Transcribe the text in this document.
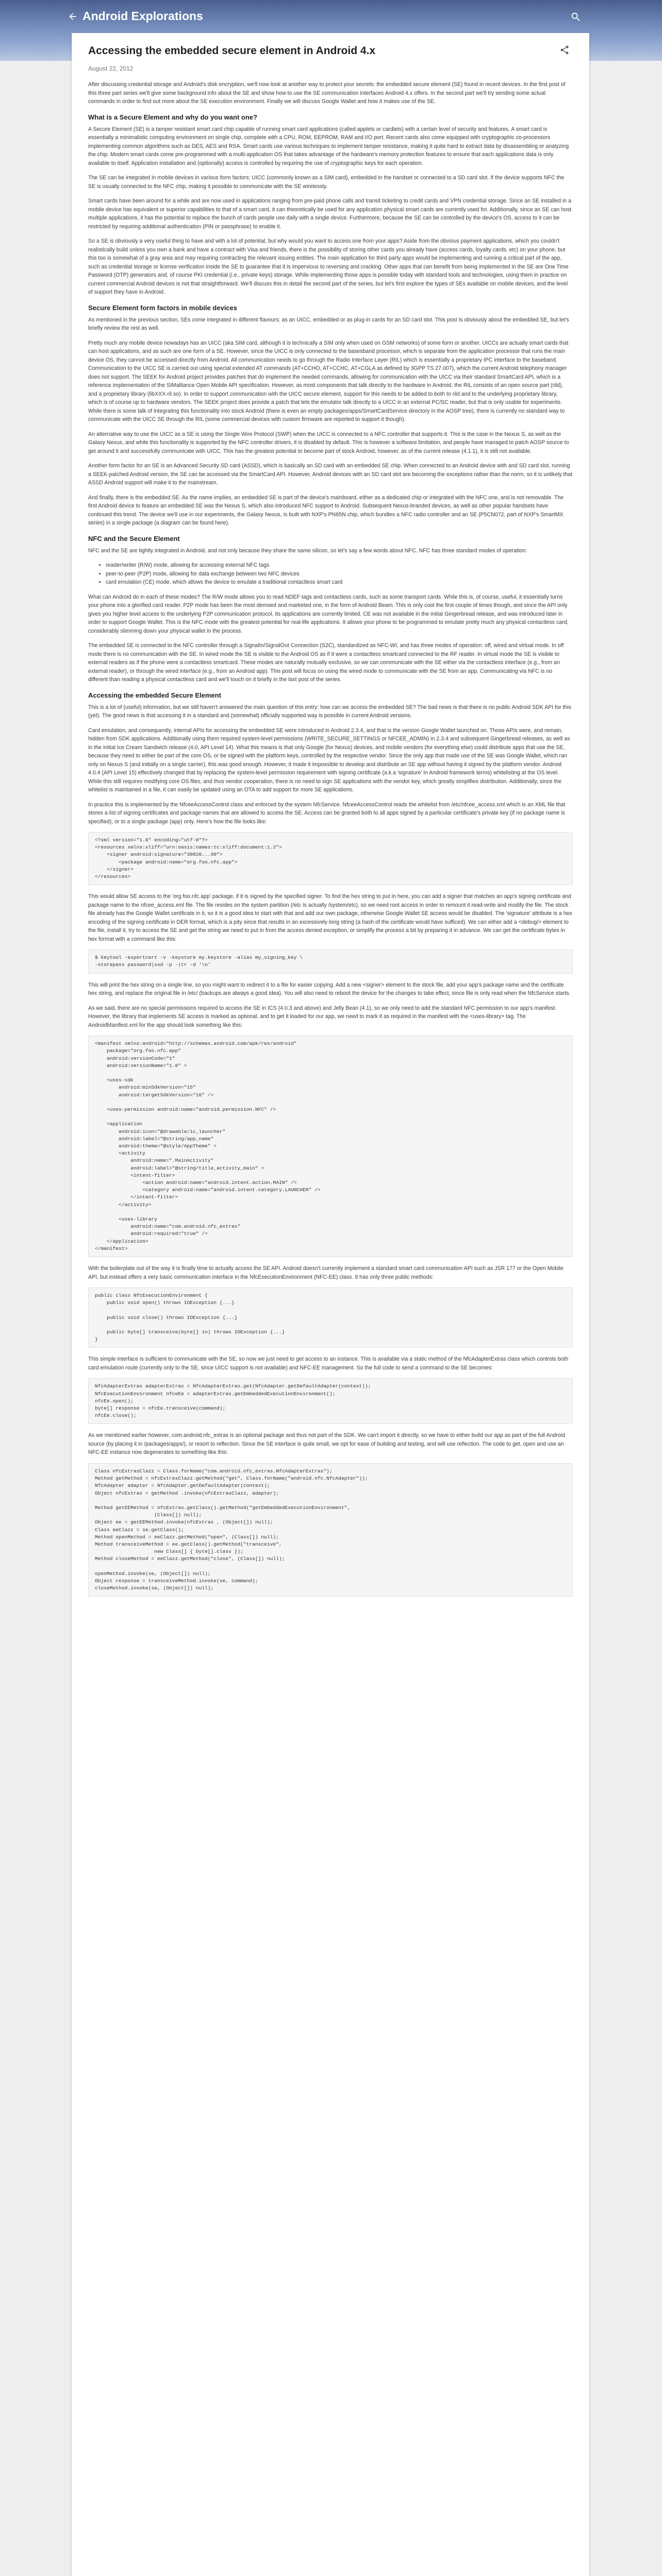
Android Explorations
Accessing the embedded secure element in Android 4.x
August 22, 2012

After discussing credential storage and Android's disk encryption, we'll now look at another way to protect your secrets: the embedded secure element (SE) found in recent devices. In the first post of this three part series we'll give some background info about the SE and show how to use the SE communication interfaces Android 4.x offers. In the second part we'll try sending some actual commands in order to find out more about the SE execution environment. Finally we will discuss Google Wallet and how it makes use of the SE.

What is a Secure Element and why do you want one?

A Secure Element (SE) is a tamper resistant smart card chip capable of running smart card applications (called applets or cardlets) with a certain level of security and features. A smart card is essentially a minimalistic computing environment on single chip, complete with a CPU, ROM, EEPROM, RAM and I/O port. Recent cards also come equipped with cryptographic co-processors implementing common algorithms such as DES, AES and RSA. Smart cards use various techniques to implement tamper resistance, making it quite hard to extract data by disassembling or analyzing the chip. Modern smart cards come pre-programmed with a multi-application OS that takes advantage of the hardware's memory protection features to ensure that each applications data is only available to itself. Application installation and (optionally) access is controlled by requiring the use of cryptographic keys for each operation.

The SE can be integrated in mobile devices in various form factors: UICC (commonly known as a SIM card), embedded in the handset or connected to a SD card slot. If the device supports NFC the SE is usually connected to the NFC chip, making it possible to communicate with the SE wirelessly.

Smart cards have been around for a while and are now used in applications ranging from pre-paid phone calls and transit ticketing to credit cards and VPN credential storage. Since an SE installed in a mobile device has equivalent or superior capabilities to that of a smart card, it can theoretically be used for any application physical smart cards are currently used for. Additionally, since an SE can host multiple applications, it has the potential to replace the bunch of cards people use daily with a single device. Furthermore, because the SE can be controlled by the device's OS, access to it can be restricted by requiring additional authentication (PIN or passphrase) to enable it.

So a SE is obviously a very useful thing to have and with a lot of potential, but why would you want to access one from your apps? Aside from the obvious payment applications, which you couldn't realistically build unless you own a bank and have a contract with Visa and friends, there is the possibility of storing other cards you already have (access cards, loyalty cards, etc) on your phone, but this too is somewhat of a gray area and may requiring contracting the relevant issuing entities. The main application for third party apps would be implementing and running a critical part of the app, such as credential storage or license verification inside the SE to guarantee that it is impervious to reversing and cracking. Other apps that can benefit from being implemented in the SE are One Time Password (OTP) generators and, of course PKI credential (i.e., private keys) storage. While implementing those apps is possible today with standard tools and technologies, using them in practice on current commercial Android devices is not that straightforward. We'll discuss this in detail the second part of the series, but let's first explore the types of SEs available on mobile devices, and the level of support they have in Android.

Secure Element form factors in mobile devices

As mentioned in the previous section, SEs come integrated in different flavours: as an UICC, embedded or as plug-in cards for an SD card slot. This post is obviously about the embedded SE, but let's briefly review the rest as well.

Pretty much any mobile device nowadays has an UICC (aka SIM card, although it is technically a SIM only when used on GSM networks) of some form or another. UICCs are actually smart cards that can host applications, and as such are one form of a SE. However, since the UICC is only connected to the basesband processor, which is separate from the application processor that runs the main device OS, they cannot be accessed directly from Android. All communication needs to go through the Radio Interface Layer (RIL) which is essentially a proprietary IPC interface to the baseband. Communication to the UICC SE is carried out using special extended AT commands (AT+CCHO, AT+CCHC, AT+CGLA as defined by 3GPP TS 27.007), which the current Android telephony manager does not support. The SEEK for Android project provides patches that do implement the needed commands, allowing for communication with the UICC via their standard SmartCard API, which is a reference implementation of the SIMalliance Open Mobile API specification. However, as most components that talk directly to the hardware in Android, the RIL consists of an open source part (rild), and a proprietary library (libXXX-ril.so). In order to support communication with the UICC secure element, support for this needs to be added to both to rild and to the underlying proprietary library, which is of course up to hardware vendors. The SEEK project does provide a patch that lets the emulator talk directly to a UICC in an external PC/SC reader, but that is only usable for experiments. While there is some talk of integrating this functionality into stock Android (there is even an empty packages/apps/SmartCardService directory in the AOSP tree), there is currently no standard way to communicate with the UICC SE through the RIL (some commercial devices with custom firmware are reported to support it though).

An alternative way to use the UICC as a SE is using the Single Wire Protocol (SWP) when the UICC is connected to a NFC controller that supports it. This is the case in the Nexus S, as well as the Galaxy Nexus, and while this functionality is supported by the NFC controller drivers, it is disabled by default. This is however a software limitation, and people have managed to patch AOSP source to get around it and successfully communicate with UICC. This has the greatest potential to become part of stock Android, however, as of the current release (4.1.1), it is still not available.

Another form factor for an SE is an Advanced Security SD card (ASSD), which is basically an SD card with an embedded SE chip. When connected to an Android device with and SD card slot, running a SEEK-patched Android version, the SE can be accessed via the SmartCard API. However, Android devices with an SD card slot are becoming the exceptions rather than the norm, so it is unlikely that ASSD Android support will make it to the mainstream.

And finally, there is the embedded SE. As the name implies, an embedded SE is part of the device's mainboard, either as a dedicated chip or integrated with the NFC one, and is not removable. The first Android device to feature an embedded SE was the Nexus S, which also introduced NFC support to Android. Subsequent Nexus-branded devices, as well as other popular handsets have continued this trend. The device we'll use in our experiments, the Galaxy Nexus, is built with NXP's PN65N chip, which bundles a NFC radio controller and an SE (P5CN072, part of NXP's SmartMX series) in a single package (a diagram can be found here).

NFC and the Secure Element

NFC and the SE are tightly integrated in Android, and not only because they share the same silicon, so let's say a few words about NFC. NFC has three standard modes of operation:

• reader/writer (R/W) mode, allowing for accessing external NFC tags
• peer-to-peer (P2P) mode, allowing for data exchange between two NFC devices
• card emulation (CE) mode, which allows the device to emulate a traditional contactless smart card

What can Android do in each of these modes? The R/W mode allows you to read NDEF tags and contactless cards, such as some transport cards. While this is, of course, useful, it essentially turns your phone into a glorified card reader. P2P mode has been the most demoed and marketed one, in the form of Android Beam. This is only cool the first couple of times though, and since the API only gives you higher level access to the underlying P2P communication protocol, its applications are currently limited. CE was not available in the initial Gingerbread release, and was introduced later in order to support Google Wallet. This is the NFC mode with the greatest potential for real-life applications. It allows your phone to be programmed to emulate pretty much any physical contactless card, considerably slimming down your physical wallet in the process.

The embedded SE is connected to the NFC controller through a SignalIn/SignalOut Connection (S2C), standardized as NFC-WI, and has three modes of operation: off, wired and virtual mode. In off mode there is no communication with the SE. In wired mode the SE is visible to the Android OS as if it were a contactless smartcard connected to the RF reader. In virtual mode the SE is visible to external readers as if the phone were a contactless smartcard. These modes are naturally mutually exclusive, so we can communicate with the SE either via the contactless interface (e.g., from an external reader), or through the wired interface (e.g., from an Android app). This post will focus on using the wired mode to communicate with the SE from an app. Communicating via NFC is no different than reading a physical contactless card and we'll touch on it briefly in the last post of the series.

Accessing the embedded Secure Element

This is a lot of (useful) information, but we still haven't answered the main question of this entry: how can we access the embedded SE? The bad news is that there is no public Android SDK API for this (yet). The good news is that accessing it in a standard and (somewhat) officially supported way is possible in current Android versions.

Card emulation, and consequently, internal APIs for accessing the embedded SE were introduced in Android 2.3.4, and that is the version Google Wallet launched on. Those APIs were, and remain, hidden from SDK applications. Additionally using them required system-level permissions (WRITE_SECURE_SETTINGS or NFCEE_ADMIN) in 2.3.4 and subsequent Gingerbread releases, as well as in the initial Ice Cream Sandwich release (4.0, API Level 14). What this means is that only Google (for Nexus) devices, and mobile vendors (for everything else) could distribute apps that use the SE, because they need to either be part of the core OS, or be signed with the platform keys, controlled by the respective vendor. Since the only app that made use of the SE was Google Wallet, which ran only on Nexus S (and initially on a single carrier), this was good enough. However, it made it impossible to develop and distribute an SE app without having it signed by the platform vendor. Android 4.0.4 (API Level 15) effectively changed that by replacing the system-level permission requirement with signing certificate (a.k.a 'signature' in Android framework terms) whitelisting at the OS level. While this still requires modifying core OS files, and thus vendor cooperation, there is no need to sign SE applications with the vendor key, which greatly simplifies distribution. Additionally, since the whitelist is maintained in a file, it can easily be updated using an OTA to add support for more SE applications.

In practice this is implemented by the NfceeAccessControl class and enforced by the system NfcService. NfceeAccessControl reads the whitelist from /etc/nfcee_access.xml which is an XML file that stores a list of signing certificates and package names that are allowed to access the SE. Access can be granted both to all apps signed by a particular certificate's private key (if no package name is specified), or to a single package (app) only. Here's how the file looks like:

<?xml version="1.0" encoding="utf-8"?>
<resources xmlns:xliff="urn:oasis:names:tc:xliff:document:1.2">
<signer android:signature="30820...90">
<package android:name="org.foo.nfc.app">
</signer>
</resources>

This would allow SE access to the 'org.foo.nfc.app' package, if it is signed by the specified signer. To find the hex string to put in here, you can add a signer that matches an app's signing certificate and package name to the nfcee_access.xml file. The file resides on the system partition (/etc is actually /system/etc), so we need root access in order to remount it read-write and modify the file. The stock file already has the Google Wallet certificate in it, so it is a good idea to start with that and add our own package, otherwise Google Wallet SE access would be disabled. The 'signature' attribute is a hex encoding of the signing certificate in DER format, which is a pity since that results in an excessively long string (a hash of the certificate would have sufficed). We can either add a <debug/> element to the file, install it, try to access the SE and get the string we need to put in from the access denied exception, or simplify the process a bit by preparing it in advance. We can get the certificate bytes in hex format with a command like this:

$ keytool -exportcert -v -keystore my.keystore -alias my_signing_key \
-storepass password|xxd -p -|tr -d '\n'

This will print the hex string on a single line, so you might want to redirect it to a file for easier copying. Add a new <signer> element to the stock file, add your app's package name and the certificate hex string, and replace the original file in /etc/ (backups are always a good idea). You will also need to reboot the device for the changes to take effect, since file is only read when the NfcService starts.

As we said, there are no special permissions required to access the SE in ICS (4.0.3 and above) and Jelly Bean (4.1), so we only need to add the standard NFC permission to our app's manifest. However, the library that implements SE access is marked as optional, and to get it loaded for our app, we need to mark it as required in the manifest with the <uses-library> tag. The AndroidManifest.xml for the app should look something like this:

<manifest xmlns:android="http://schemas.android.com/apk/res/android"
package="org.foo.nfc.app"
android:versionCode="1"
android:versionName="1.0" >

<uses-sdk
android:minSdkVersion="15"
android:targetSdkVersion="16" />

<uses-permission android:name="android.permission.NFC" />

<application
android:icon="@drawable/ic_launcher"
android:label="@string/app_name"
android:theme="@style/AppTheme" >
<activity
android:name=".MainActivity"
android:label="@string/title_activity_main" >
<intent-filter>
<action android:name="android.intent.action.MAIN" />
<category android:name="android.intent.category.LAUNCHER" />
</intent-filter>
</activity>

<uses-library
android:name="com.android.nfc_extras"
android:required="true" />
</application>
</manifest>

With the boilerplate out of the way it is finally time to actually access the SE API. Android doesn't currently implement a standard smart card communication API such as JSR 177 or the Open Mobile API, but instead offers a very basic communication interface in the NfcExecutionEnvironment (NFC-EE) class. It has only three public methods:

public class NfcExecutionEnvironment {
public void open() throws IOException {...}

public void close() throws IOException {...}

public byte[] transceive(byte[] in) throws IOException {...}
}

This simple interface is sufficient to communicate with the SE, so now we just need to get access to an instance. This is available via a static method of the NfcAdapterExtras class which controls both card emulation route (currently only to the SE, since UICC support is not available) and NFC-EE management. So the full code to send a command to the SE becomes:

NfcAdapterExtras adapterExtras = NfcAdapterExtras.get(NfcAdapter.getDefaultAdapter(context));
NfcExecutionEnvironment nfceEe = adapterExtras.getEmbeddedExecutionEnvironment();
nfcEe.open();
byte[] response = nfcEe.transceive(command);
nfcEe.close();

As we mentioned earlier however, com.android.nfc_extras is an optional package and thus not part of the SDK. We can't import it directly, so we have to either build our app as part of the full Android source (by placing it in /packages/apps/), or resort to reflection. Since the SE interface is quite small, we opt for ease of building and testing, and will use reflection. The code to get, open and use an NFC-EE instance now degenerates to something like this:

Class nfcExtrasClazz = Class.forName("com.android.nfc_extras.NfcAdapterExtras");
Method getMethod = nfcExtrasClazz.getMethod("get", Class.forName("android.nfc.NfcAdapter"));
NfcAdapter adapter = NfcAdapter.getDefaultAdapter(context);
Object nfcExtras = getMethod .invoke(nfcExtrasClazz, adapter);

Method getEEMethod = nfcExtras.getClass().getMethod("getEmbeddedExecutionEnvironment",
(Class[]) null);
Object ee = getEEMethod.invoke(nfcExtras , (Object[]) null);
Class eeClazz = se.getClass();
Method openMethod = eeClazz.getMethod("open", (Class[]) null);
Method transceiveMethod = ee.getClass().getMethod("transceive",
new Class[] { byte[].class });
Method closeMethod = eeClazz.getMethod("close", (Class[]) null);

openMethod.invoke(se, (Object[]) null);
Object response = transceiveMethod.invoke(se, command);
closeMethod.invoke(se, (Object[]) null);
